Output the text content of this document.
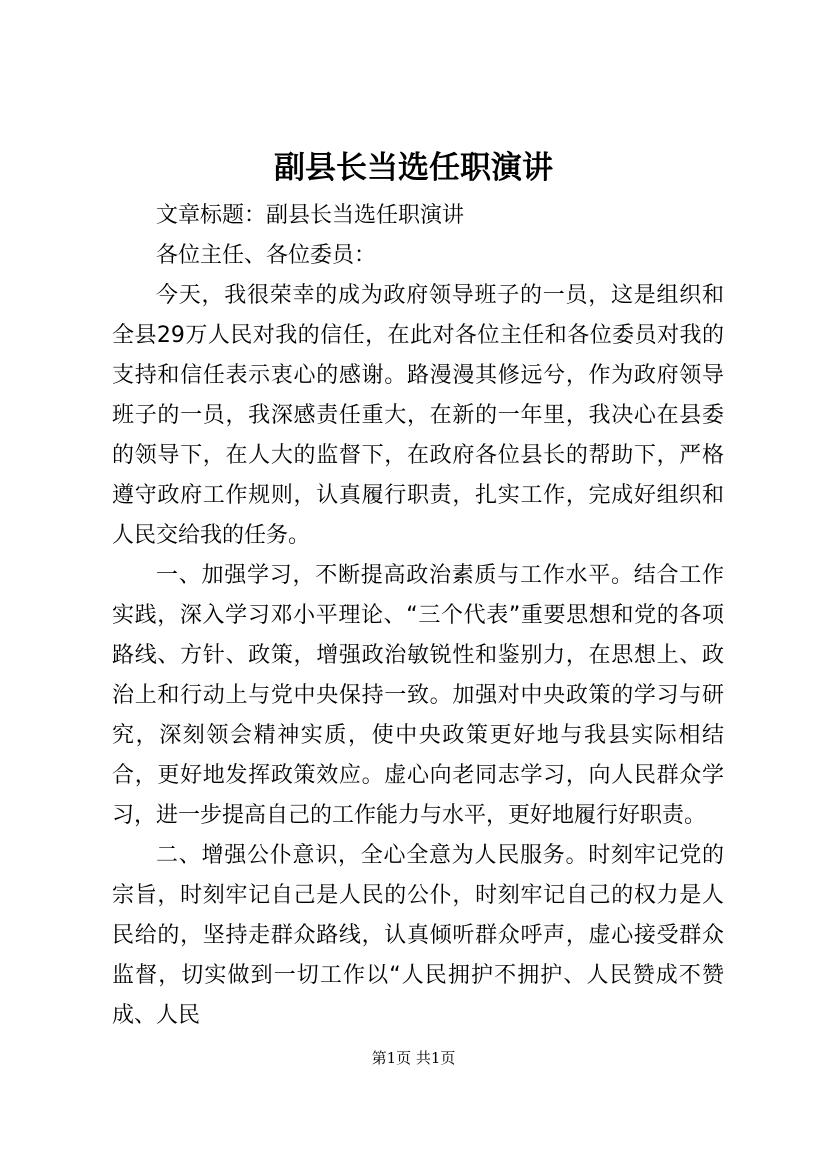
副县长当选任职演讲

文章标题：副县长当选任职演讲

各位主任、各位委员：

今天，我很荣幸的成为政府领导班子的一员，这是组织和全县29万人民对我的信任，在此对各位主任和各位委员对我的支持和信任表示衷心的感谢。路漫漫其修远兮，作为政府领导班子的一员，我深感责任重大，在新的一年里，我决心在县委的领导下，在人大的监督下，在政府各位县长的帮助下，严格遵守政府工作规则，认真履行职责，扎实工作，完成好组织和人民交给我的任务。

一、加强学习，不断提高政治素质与工作水平。结合工作实践，深入学习邓小平理论、“三个代表”重要思想和党的各项路线、方针、政策，增强政治敏锐性和鉴别力，在思想上、政治上和行动上与党中央保持一致。加强对中央政策的学习与研究，深刻领会精神实质，使中央政策更好地与我县实际相结合，更好地发挥政策效应。虚心向老同志学习，向人民群众学习，进一步提高自己的工作能力与水平，更好地履行好职责。

二、增强公仆意识，全心全意为人民服务。时刻牢记党的宗旨，时刻牢记自己是人民的公仆，时刻牢记自己的权力是人民给的，坚持走群众路线，认真倾听群众呼声，虚心接受群众监督，切实做到一切工作以“人民拥护不拥护、人民赞成不赞成、人民

第1页 共1页
